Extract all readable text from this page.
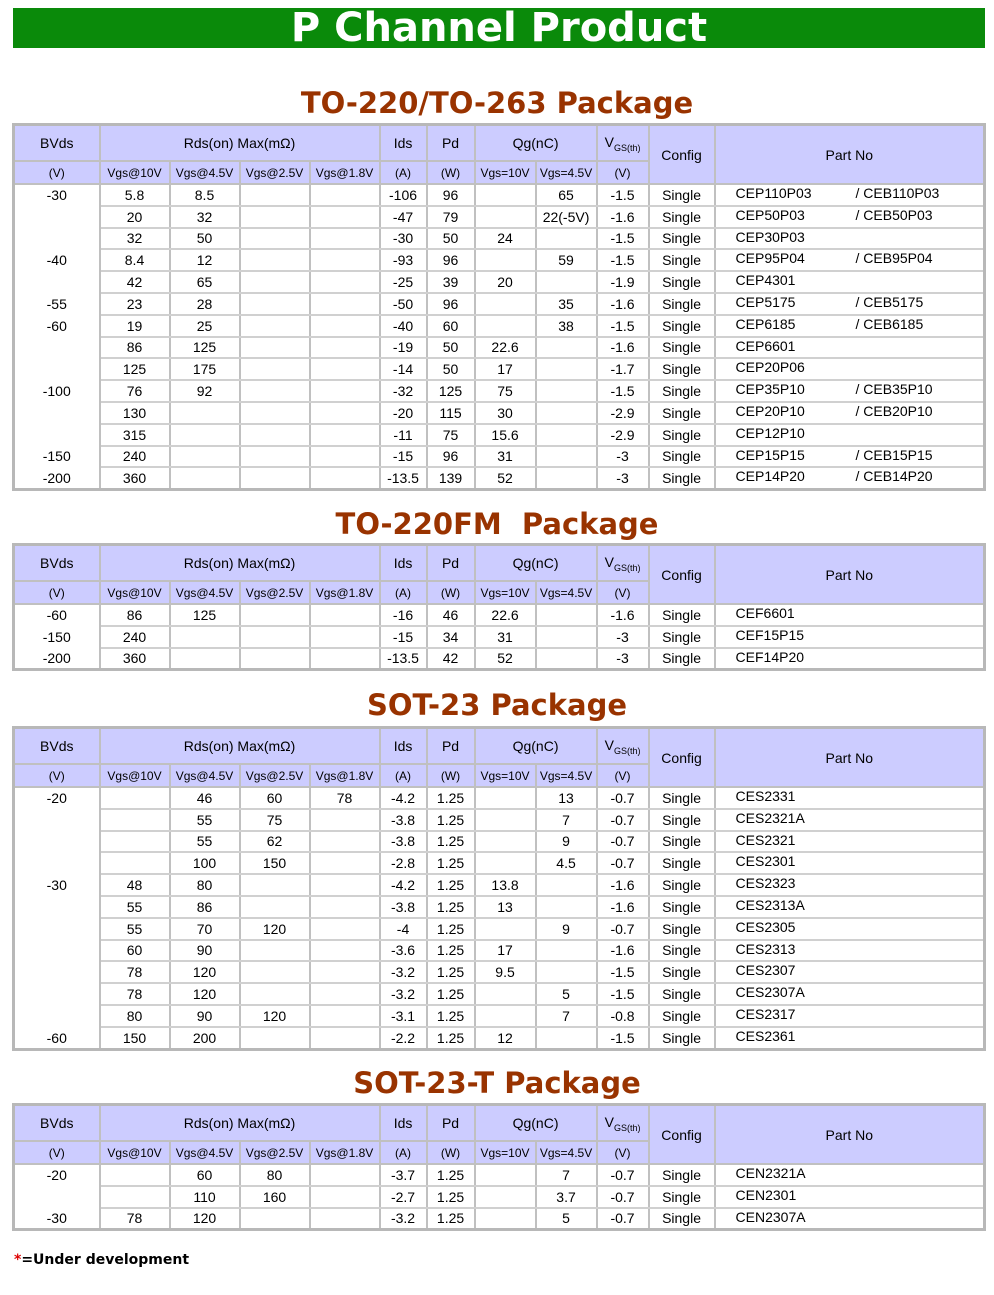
P Channel Product
TO-220/TO-263 Package
BVds	Rds(on) Max(mΩ)				Ids	Pd	Qg(nC)		$V_{GS(th)}$	Config	Part No
(V)	Vgs@10V	Vgs@4.5V	Vgs@2.5V	Vgs@1.8V	(A)	(W)	Vgs=10V	Vgs=4.5V	(V)		
-30	5.8	8.5			-106	96		65	-1.5	Single	CEP110P03 / CEB110P03

	20	32			-47	79		22(-5V)	-1.6	Single	CEP50P03 / CEB50P03

	32	50			-30	50	24		-1.5	Single	CEP30P03

-40	8.4	12			-93	96		59	-1.5	Single	CEP95P04 / CEB95P04

	42	65			-25	39	20		-1.9	Single	CEP4301

-55	23	28			-50	96		35	-1.6	Single	CEP5175 / CEB5175

-60	19	25			-40	60		38	-1.5	Single	CEP6185 / CEB6185

	86	125			-19	50	22.6		-1.6	Single	CEP6601

	125	175			-14	50	17		-1.7	Single	CEP20P06

-100	76	92			-32	125	75		-1.5	Single	CEP35P10 / CEB35P10

	130				-20	115	30		-2.9	Single	CEP20P10 / CEB20P10

	315				-11	75	15.6		-2.9	Single	CEP12P10

-150	240				-15	96	31		-3	Single	CEP15P15 / CEB15P15

-200	360				-13.5	139	52		-3	Single	CEP14P20 / CEB14P20
TO-220FM  Package
BVds	Rds(on) Max(mΩ)				Ids	Pd	Qg(nC)		$V_{GS(th)}$	Config	Part No
(V)	Vgs@10V	Vgs@4.5V	Vgs@2.5V	Vgs@1.8V	(A)	(W)	Vgs=10V	Vgs=4.5V	(V)		
-60	86	125			-16	46	22.6		-1.6	Single	CEF6601

-150	240				-15	34	31		-3	Single	CEF15P15

-200	360				-13.5	42	52		-3	Single	CEF14P20
SOT-23 Package
BVds	Rds(on) Max(mΩ)				Ids	Pd	Qg(nC)		$V_{GS(th)}$	Config	Part No
(V)	Vgs@10V	Vgs@4.5V	Vgs@2.5V	Vgs@1.8V	(A)	(W)	Vgs=10V	Vgs=4.5V	(V)		
-20		46	60	78	-4.2	1.25		13	-0.7	Single	CES2331

		55	75		-3.8	1.25		7	-0.7	Single	CES2321A

		55	62		-3.8	1.25		9	-0.7	Single	CES2321

		100	150		-2.8	1.25		4.5	-0.7	Single	CES2301

-30	48	80			-4.2	1.25	13.8		-1.6	Single	CES2323

	55	86			-3.8	1.25	13		-1.6	Single	CES2313A

	55	70	120		-4	1.25		9	-0.7	Single	CES2305

	60	90			-3.6	1.25	17		-1.6	Single	CES2313

	78	120			-3.2	1.25	9.5		-1.5	Single	CES2307

	78	120			-3.2	1.25		5	-1.5	Single	CES2307A

	80	90	120		-3.1	1.25		7	-0.8	Single	CES2317

-60	150	200			-2.2	1.25	12		-1.5	Single	CES2361
SOT-23-T Package
BVds	Rds(on) Max(mΩ)				Ids	Pd	Qg(nC)		$V_{GS(th)}$	Config	Part No
(V)	Vgs@10V	Vgs@4.5V	Vgs@2.5V	Vgs@1.8V	(A)	(W)	Vgs=10V	Vgs=4.5V	(V)		
-20		60	80		-3.7	1.25		7	-0.7	Single	CEN2321A

		110	160		-2.7	1.25		3.7	-0.7	Single	CEN2301

-30	78	120			-3.2	1.25		5	-0.7	Single	CEN2307A
*=Under development
